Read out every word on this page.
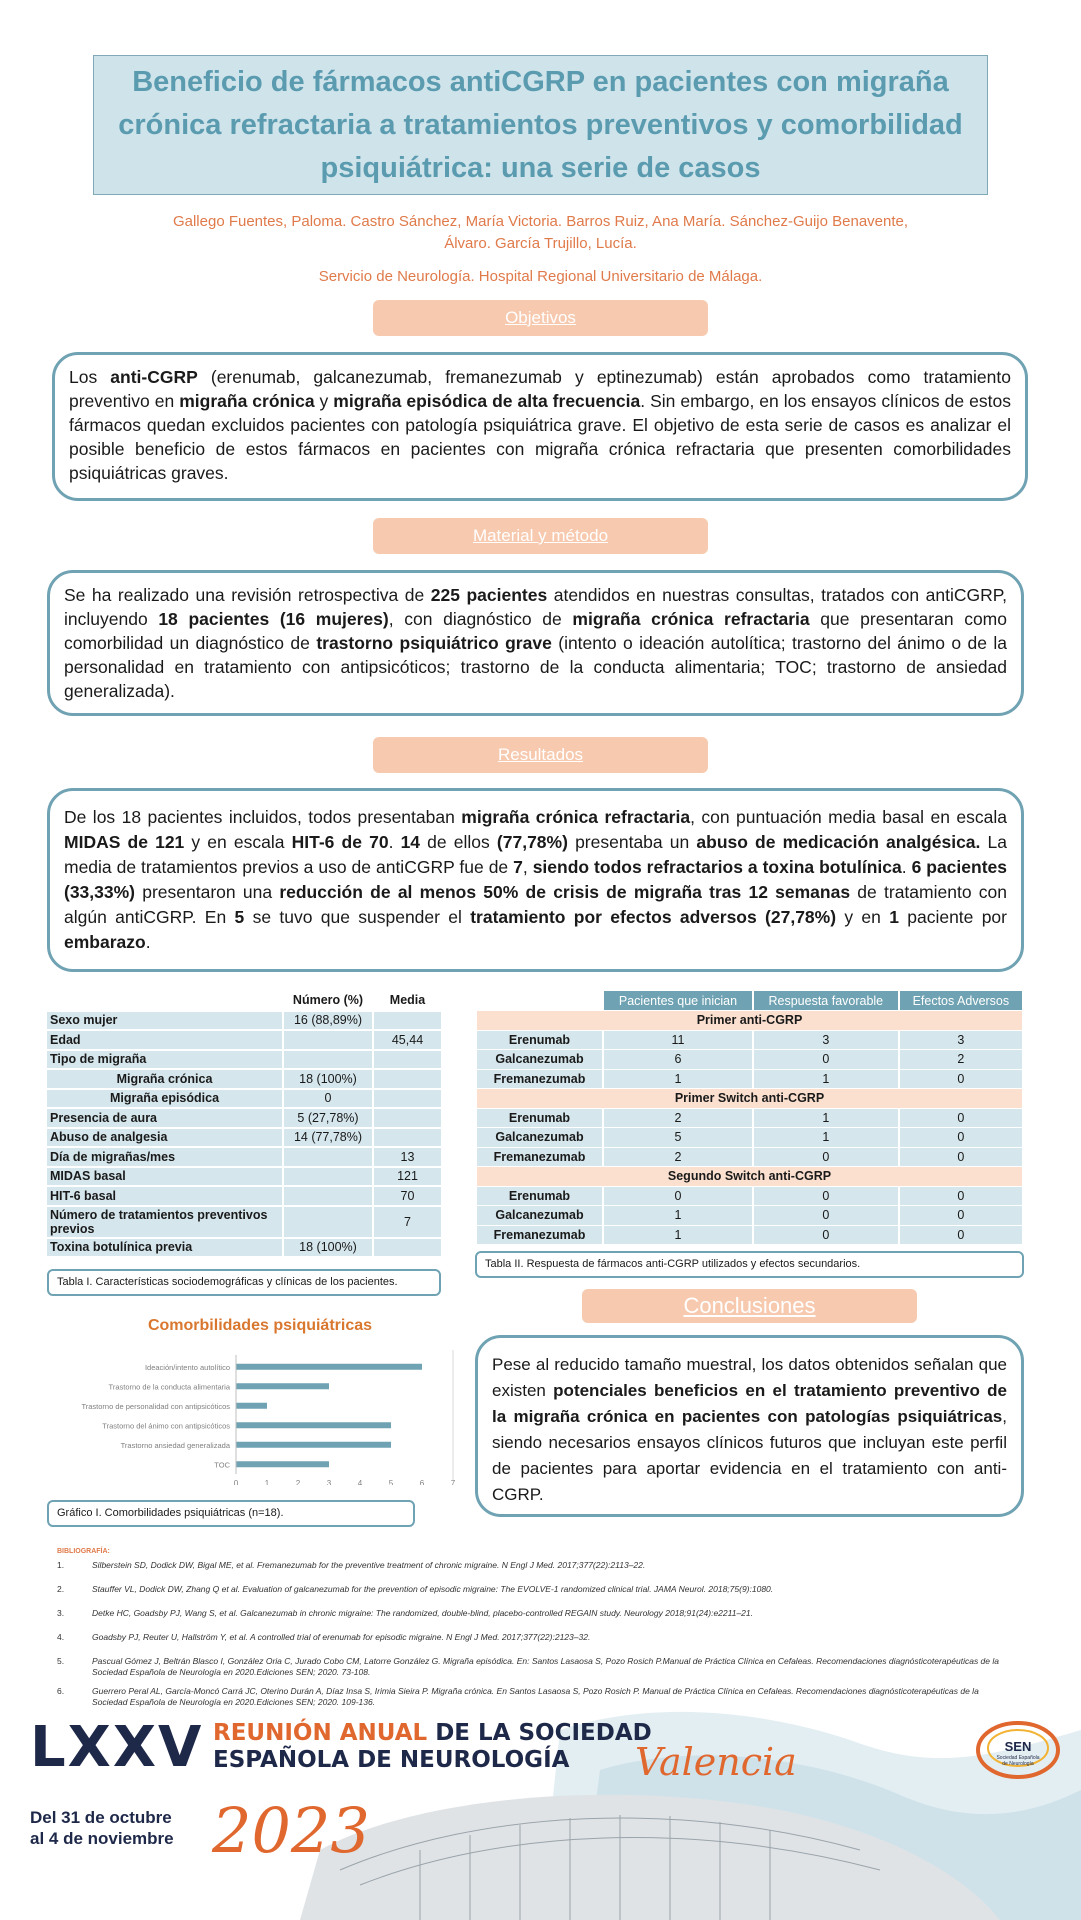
Beneficio de fármacos antiCGRP en pacientes con migraña crónica refractaria a tratamientos preventivos y comorbilidad psiquiátrica: una serie de casos
Gallego Fuentes, Paloma. Castro Sánchez, María Victoria. Barros Ruiz, Ana María. Sánchez-Guijo Benavente,
Álvaro. García Trujillo, Lucía.
Servicio de Neurología. Hospital Regional Universitario de Málaga.
Objetivos
Los anti-CGRP (erenumab, galcanezumab, fremanezumab y eptinezumab) están aprobados como tratamiento preventivo en migraña crónica y migraña episódica de alta frecuencia. Sin embargo, en los ensayos clínicos de estos fármacos quedan excluidos pacientes con patología psiquiátrica grave. El objetivo de esta serie de casos es analizar el posible beneficio de estos fármacos en pacientes con migraña crónica refractaria que presenten comorbilidades psiquiátricas graves.
Material y método
Se ha realizado una revisión retrospectiva de 225 pacientes atendidos en nuestras consultas, tratados con antiCGRP, incluyendo 18 pacientes (16 mujeres), con diagnóstico de migraña crónica refractaria que presentaran como comorbilidad un diagnóstico de trastorno psiquiátrico grave (intento o ideación autolítica; trastorno del ánimo o de la personalidad en tratamiento con antipsicóticos; trastorno de la conducta alimentaria; TOC; trastorno de ansiedad generalizada).
Resultados
De los 18 pacientes incluidos, todos presentaban migraña crónica refractaria, con puntuación media basal en escala MIDAS de 121 y en escala HIT-6 de 70. 14 de ellos (77,78%) presentaba un abuso de medicación analgésica. La media de tratamientos previos a uso de antiCGRP fue de 7, siendo todos refractarios a toxina botulínica. 6 pacientes (33,33%) presentaron una reducción de al menos 50% de crisis de migraña tras 12 semanas de tratamiento con algún antiCGRP. En 5 se tuvo que suspender el tratamiento por efectos adversos (27,78%) y en 1 paciente por embarazo.
	Número (%)	Media
Sexo mujer	16 (88,89%)	
Edad		45,44
Tipo de migraña		
Migraña crónica	18 (100%)	
Migraña episódica	0	
Presencia de aura	5 (27,78%)	
Abuso de analgesia	14 (77,78%)	
Día de migrañas/mes		13
MIDAS basal		121
HIT-6 basal		70
Número de tratamientos preventivos previos		7
Toxina botulínica previa	18 (100%)	
Tabla I. Características sociodemográficas y clínicas de los pacientes.
	Pacientes que inician	Respuesta favorable	Efectos Adversos
Primer anti-CGRP			
Erenumab	11	3	3
Galcanezumab	6	0	2
Fremanezumab	1	1	0
Primer Switch anti-CGRP			
Erenumab	2	1	0
Galcanezumab	5	1	0
Fremanezumab	2	0	0
Segundo Switch anti-CGRP			
Erenumab	0	0	0
Galcanezumab	1	0	0
Fremanezumab	1	0	0
Tabla II. Respuesta de fármacos anti-CGRP utilizados y efectos secundarios.
Comorbilidades psiquiátricas
Ideación/intento autolítico
Trastorno de la conducta alimentaria
Trastorno de personalidad con antipsicóticos
Trastorno del ánimo con antipsicóticos
Trastorno ansiedad generalizada
TOC
0	1	2	3	4	5	6	7
Gráfico I. Comorbilidades psiquiátricas (n=18).
Conclusiones
Pese al reducido tamaño muestral, los datos obtenidos señalan que existen potenciales beneficios en el tratamiento preventivo de la migraña crónica en pacientes con patologías psiquiátricas, siendo necesarios ensayos clínicos futuros que incluyan este perfil de pacientes para aportar evidencia en el tratamiento con anti-CGRP.
BIBLIOGRAFÍA:
1.	Silberstein SD, Dodick DW, Bigal ME, et al. Fremanezumab for the preventive treatment of chronic migraine. N Engl J Med. 2017;377(22):2113–22.
2.	Stauffer VL, Dodick DW, Zhang Q et al. Evaluation of galcanezumab for the prevention of episodic migraine: The EVOLVE-1 randomized clinical trial. JAMA Neurol. 2018;75(9):1080.
3.	Detke HC, Goadsby PJ, Wang S, et al. Galcanezumab in chronic migraine: The randomized, double-blind, placebo-controlled REGAIN study. Neurology 2018;91(24):e2211–21.
4.	Goadsby PJ, Reuter U, Hallström Y, et al. A controlled trial of erenumab for episodic migraine. N Engl J Med. 2017;377(22):2123–32.
5.	Pascual Gómez J, Beltrán Blasco I, González Oria C, Jurado Cobo CM, Latorre González G. Migraña episódica. En: Santos Lasaosa S, Pozo Rosich P.Manual de Práctica Clínica en Cefaleas. Recomendaciones diagnósticoterapéuticas de la Sociedad Española de Neurología en 2020.Ediciones SEN; 2020. 73-108.
6.	Guerrero Peral AL, García-Moncó Carrá JC, Oterino Durán A, Díaz Insa S, Irimia Sieira P. Migraña crónica. En Santos Lasaosa S, Pozo Rosich P. Manual de Práctica Clínica en Cefaleas. Recomendaciones diagnósticoterapéuticas de la Sociedad Española de Neurología en 2020.Ediciones SEN; 2020. 109-136.
LXXV REUNIÓN ANUAL DE LA SOCIEDAD
ESPAÑOLA DE NEUROLOGÍA
Del 31 de octubre
al 4 de noviembre 2023
Valencia	SEN
Sociedad Española
de Neurología
